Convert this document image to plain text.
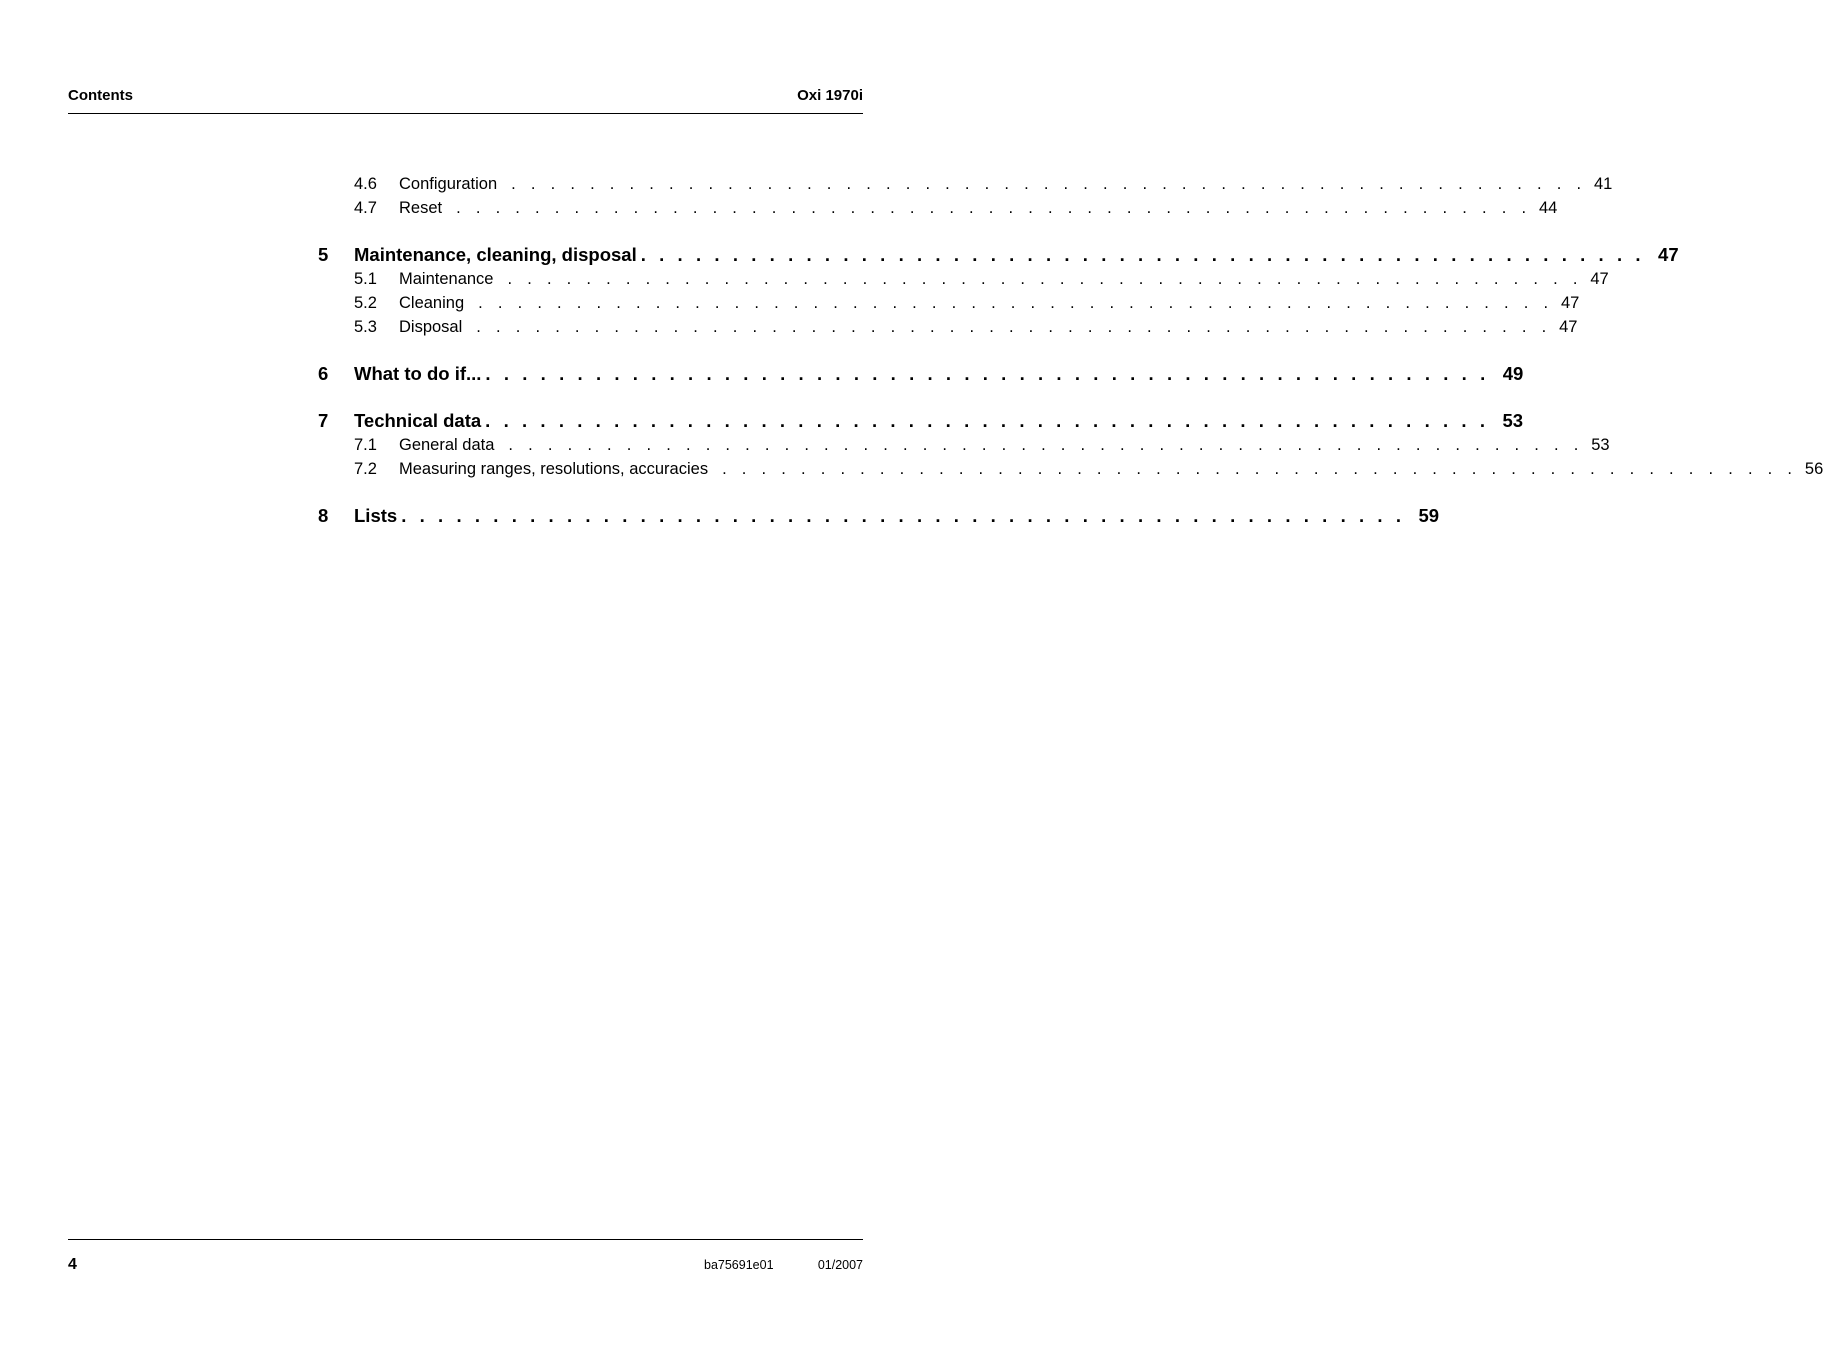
Contents	Oxi 1970i
4.6	Configuration . . . . . . . . . . . . . . . . . . . . . . . . . . . . . . . . . . . . . . . . . . . . . . . . . . . . . . . 41
4.7	Reset . . . . . . . . . . . . . . . . . . . . . . . . . . . . . . . . . . . . . . . . . . . . . . . . . . . . . . . 44
5	Maintenance, cleaning, disposal . . . . . . . . . . . . . . . . . . . . . . . . . . . . . . . . . . . . . . . . . . . . . . . . . . . . . . . 47
5.1	Maintenance . . . . . . . . . . . . . . . . . . . . . . . . . . . . . . . . . . . . . . . . . . . . . . . . . . . . . . . 47
5.2	Cleaning . . . . . . . . . . . . . . . . . . . . . . . . . . . . . . . . . . . . . . . . . . . . . . . . . . . . . . . 47
5.3	Disposal . . . . . . . . . . . . . . . . . . . . . . . . . . . . . . . . . . . . . . . . . . . . . . . . . . . . . . . 47
6	What to do if... . . . . . . . . . . . . . . . . . . . . . . . . . . . . . . . . . . . . . . . . . . . . . . . . . . . . . . . 49
7	Technical data . . . . . . . . . . . . . . . . . . . . . . . . . . . . . . . . . . . . . . . . . . . . . . . . . . . . . . . 53
7.1	General data . . . . . . . . . . . . . . . . . . . . . . . . . . . . . . . . . . . . . . . . . . . . . . . . . . . . . . . 53
7.2	Measuring ranges, resolutions, accuracies . . . . . . . . . . . . . . . . . . . . . . . . . . . . . . . . . . . . . . . . . . . . . . . . . . . . . . . 56
8	Lists . . . . . . . . . . . . . . . . . . . . . . . . . . . . . . . . . . . . . . . . . . . . . . . . . . . . . . . 59
4	ba75691e01	01/2007
